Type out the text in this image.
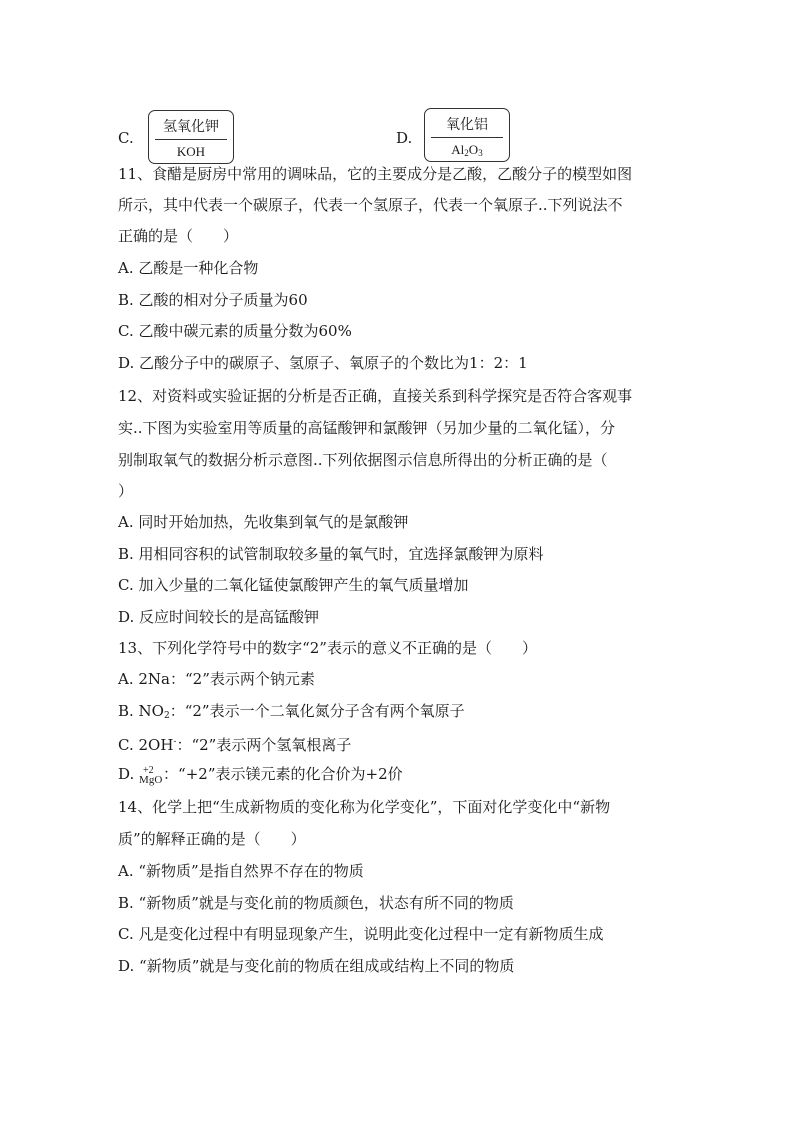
C.
氢氧化钾
KOH
D.
氧化铝
$Al_2O_3$
11、食醋是厨房中常用的调味品，它的主要成分是乙酸，乙酸分子的模型如图
所示，其中代表一个碳原子，代表一个氢原子，代表一个氧原子..下列说法不
正确的是（　　）
A. 乙酸是一种化合物
B. 乙酸的相对分子质量为60
C. 乙酸中碳元素的质量分数为60%
D. 乙酸分子中的碳原子、氢原子、氧原子的个数比为1：2：1
12、对资料或实验证据的分析是否正确，直接关系到科学探究是否符合客观事
实..下图为实验室用等质量的高锰酸钾和氯酸钾（另加少量的二氧化锰），分
别制取氧气的数据分析示意图..下列依据图示信息所得出的分析正确的是（
）
A. 同时开始加热，先收集到氧气的是氯酸钾
B. 用相同容积的试管制取较多量的氧气时，宜选择氯酸钾为原料
C. 加入少量的二氧化锰使氯酸钾产生的氧气质量增加
D. 反应时间较长的是高锰酸钾
13、下列化学符号中的数字“2”表示的意义不正确的是（　　）
A. 2Na：“2”表示两个钠元素
B. $NO_2$：“2”表示一个二氧化氮分子含有两个氧原子
C. 2OH-：“2”表示两个氢氧根离子
D. +2
MgO ：“+2”表示镁元素的化合价为+2价
14、化学上把“生成新物质的变化称为化学变化”，下面对化学变化中“新物
质”的解释正确的是（　　）
A. “新物质”是指自然界不存在的物质
B. “新物质”就是与变化前的物质颜色，状态有所不同的物质
C. 凡是变化过程中有明显现象产生，说明此变化过程中一定有新物质生成
D. “新物质”就是与变化前的物质在组成或结构上不同的物质
